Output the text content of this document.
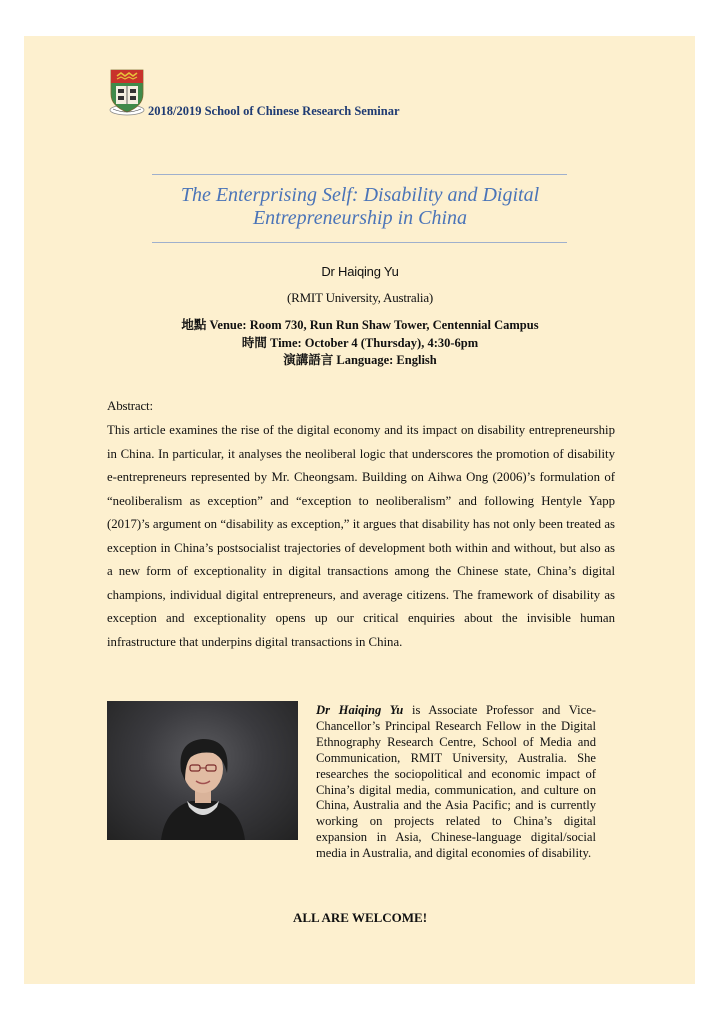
2018/2019 School of Chinese Research Seminar
The Enterprising Self: Disability and Digital Entrepreneurship in China
Dr Haiqing Yu
(RMIT University, Australia)
地點 Venue: Room 730, Run Run Shaw Tower, Centennial Campus
時間 Time: October 4 (Thursday), 4:30-6pm
演講語言 Language: English
Abstract:
This article examines the rise of the digital economy and its impact on disability entrepreneurship in China. In particular, it analyses the neoliberal logic that underscores the promotion of disability e-entrepreneurs represented by Mr. Cheongsam. Building on Aihwa Ong (2006)’s formulation of “neoliberalism as exception” and “exception to neoliberalism” and following Hentyle Yapp (2017)’s argument on “disability as exception,” it argues that disability has not only been treated as exception in China’s postsocialist trajectories of development both within and without, but also as a new form of exceptionality in digital transactions among the Chinese state, China’s digital champions, individual digital entrepreneurs, and average citizens. The framework of disability as exception and exceptionality opens up our critical enquiries about the invisible human infrastructure that underpins digital transactions in China.
Dr Haiqing Yu is Associate Professor and Vice-Chancellor’s Principal Research Fellow in the Digital Ethnography Research Centre, School of Media and Communication, RMIT University, Australia. She researches the sociopolitical and economic impact of China’s digital media, communication, and culture on China, Australia and the Asia Pacific; and is currently working on projects related to China’s digital expansion in Asia, Chinese-language digital/social media in Australia, and digital economies of disability.
ALL ARE WELCOME!
